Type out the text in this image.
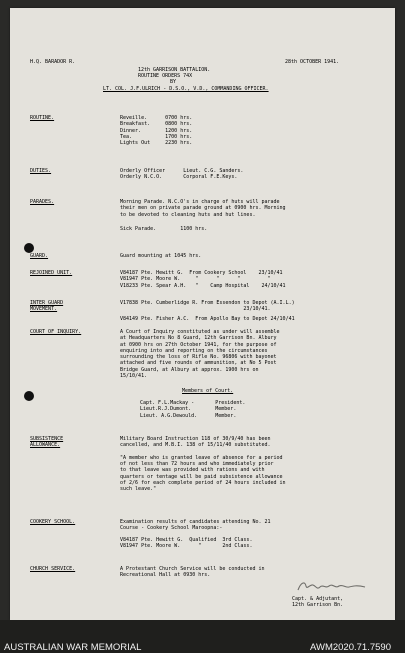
H.Q. BARADOR R.	28th OCTOBER 1941.
12th GARRISON BATTALION.
ROUTINE ORDERS 74X
BY
LT. COL. J.F.ULRICH - D.S.O., V.D., COMMANDING OFFICER.
ROUTINE.	Reveille.      0700 hrs.
Breakfast.     0800 hrs.
Dinner.        1200 hrs.
Tea.           1700 hrs.
Lights Out     2230 hrs.
DUTIES.	Orderly Officer      Lieut. C.G. Sanders.
Orderly N.C.O.       Corporal F.E.Keys.
PARADES.	Morning Parade. N.C.O's in charge of huts will parade
their men on private parade ground at 0900 hrs. Morning
to be devoted to cleaning huts and hut lines.
Sick Parade.        1100 hrs.
GUARD.	Guard mounting at 1045 hrs.
REJOINED UNIT.	V84187 Pte. Hewitt G.  From Cookery School    23/10/41
V81947 Pte. Moore W.     "      "      "         "
V18233 Pte. Spear A.H.   "    Camp Hospital    24/10/41
INTER GUARD
MOVEMENT.
V17838 Pte. Cumberlidge R. From Essendon to Depot (A.I.L.)
23/10/41.
V84149 Pte. Fisher A.C.  From Apollo Bay to Depot 24/10/41
COURT OF INQUIRY.	A Court of Inquiry constituted as under will assemble
at Headquarters No 8 Guard, 12th Garrison Bn. Albury
at 0900 hrs on 27th October 1941, for the purpose of
enquiring into and reporting on the circumstances
surrounding the loss of Rifle No. 96806 with bayonet
attached and five rounds of ammunition, at No 5 Post
Bridge Guard, at Albury at approx. 1900 hrs on
15/10/41.
Members of Court.
Capt. F.L.Mackay -       President.
Lieut.R.J.Dumont.        Member.
Lieut. A.G.Dewould.      Member.
SUBSISTENCE
ALLOWANCE.
Military Board Instruction 118 of 30/9/40 has been
cancelled, and M.B.I. 138 of 15/11/40 substituted.
"A member who is granted leave of absence for a period
of not less than 72 hours and who immediately prior
to that leave was provided with rations and with
quarters or tentage will be paid subsistence allowance
of 2/6 for each complete period of 24 hours included in
such leave."
COOKERY SCHOOL.	Examination results of candidates attending No. 21
Course - Cookery School Maroopna:-
V84187 Pte. Hewitt G.  Qualified  3rd Class.
V81947 Pte. Moore W.      "       2nd Class.
CHURCH SERVICE.	A Protestant Church Service will be conducted in
Recreational Hall at 0930 hrs.
Capt. & Adjutant,
12th Garrison Bn.
AUSTRALIAN WAR MEMORIAL	AWM2020.71.7590
